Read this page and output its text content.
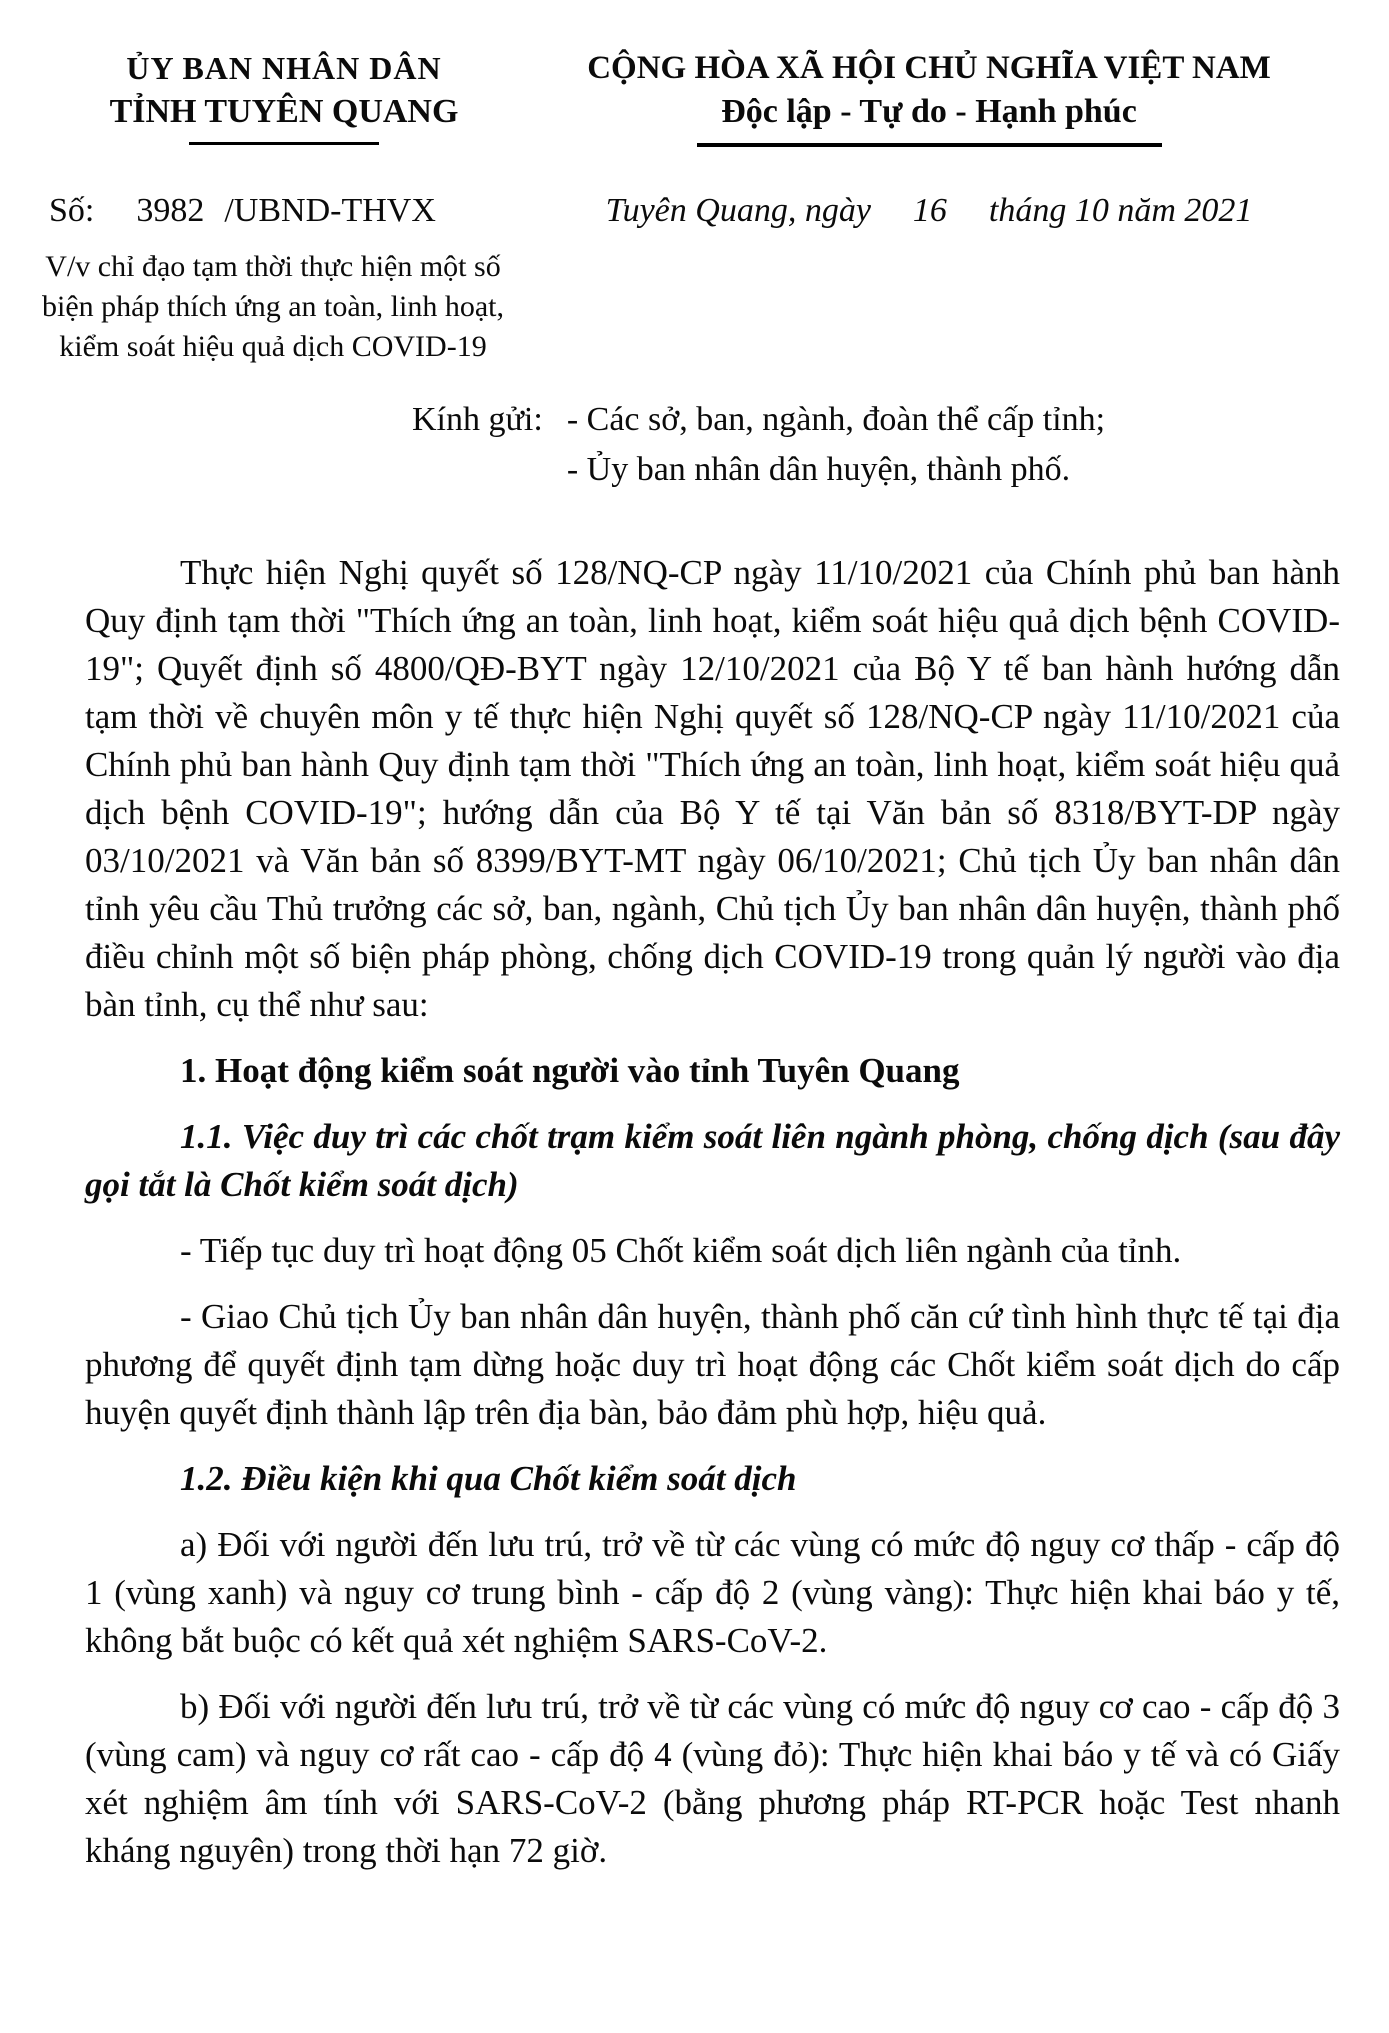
ỦY BAN NHÂN DÂN
TỈNH TUYÊN QUANG
CỘNG HÒA XÃ HỘI CHỦ NGHĨA VIỆT NAM
Độc lập - Tự do - Hạnh phúc
Số: 3982 /UBND-THVX	Tuyên Quang, ngày 16 tháng 10 năm 2021
V/v chỉ đạo tạm thời thực hiện một số biện pháp thích ứng an toàn, linh hoạt, kiểm soát hiệu quả dịch COVID-19
Kính gửi: - Các sở, ban, ngành, đoàn thể cấp tỉnh;
- Ủy ban nhân dân huyện, thành phố.

Thực hiện Nghị quyết số 128/NQ-CP ngày 11/10/2021 của Chính phủ ban hành Quy định tạm thời "Thích ứng an toàn, linh hoạt, kiểm soát hiệu quả dịch bệnh COVID-19"; Quyết định số 4800/QĐ-BYT ngày 12/10/2021 của Bộ Y tế ban hành hướng dẫn tạm thời về chuyên môn y tế thực hiện Nghị quyết số 128/NQ-CP ngày 11/10/2021 của Chính phủ ban hành Quy định tạm thời "Thích ứng an toàn, linh hoạt, kiểm soát hiệu quả dịch bệnh COVID-19"; hướng dẫn của Bộ Y tế tại Văn bản số 8318/BYT-DP ngày 03/10/2021 và Văn bản số 8399/BYT-MT ngày 06/10/2021; Chủ tịch Ủy ban nhân dân tỉnh yêu cầu Thủ trưởng các sở, ban, ngành, Chủ tịch Ủy ban nhân dân huyện, thành phố điều chỉnh một số biện pháp phòng, chống dịch COVID-19 trong quản lý người vào địa bàn tỉnh, cụ thể như sau:

1. Hoạt động kiểm soát người vào tỉnh Tuyên Quang

1.1. Việc duy trì các chốt trạm kiểm soát liên ngành phòng, chống dịch (sau đây gọi tắt là Chốt kiểm soát dịch)

- Tiếp tục duy trì hoạt động 05 Chốt kiểm soát dịch liên ngành của tỉnh.

- Giao Chủ tịch Ủy ban nhân dân huyện, thành phố căn cứ tình hình thực tế tại địa phương để quyết định tạm dừng hoặc duy trì hoạt động các Chốt kiểm soát dịch do cấp huyện quyết định thành lập trên địa bàn, bảo đảm phù hợp, hiệu quả.

1.2. Điều kiện khi qua Chốt kiểm soát dịch

a) Đối với người đến lưu trú, trở về từ các vùng có mức độ nguy cơ thấp - cấp độ 1 (vùng xanh) và nguy cơ trung bình - cấp độ 2 (vùng vàng): Thực hiện khai báo y tế, không bắt buộc có kết quả xét nghiệm SARS-CoV-2.

b) Đối với người đến lưu trú, trở về từ các vùng có mức độ nguy cơ cao - cấp độ 3 (vùng cam) và nguy cơ rất cao - cấp độ 4 (vùng đỏ): Thực hiện khai báo y tế và có Giấy xét nghiệm âm tính với SARS-CoV-2 (bằng phương pháp RT-PCR hoặc Test nhanh kháng nguyên) trong thời hạn 72 giờ.
